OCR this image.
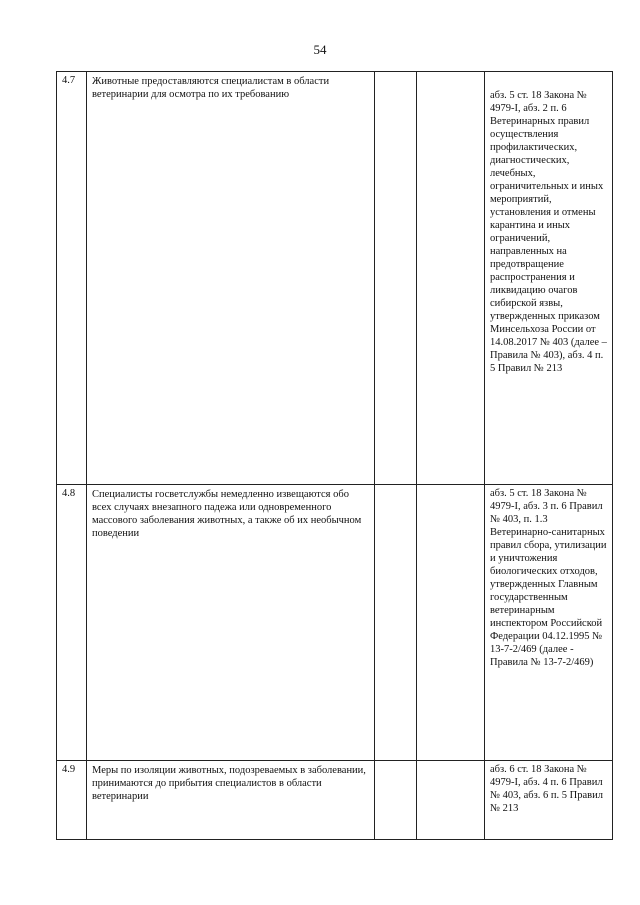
54
4.7	Животные предоставляются специалистам в области ветеринарии для осмотра по их требованию			абз. 5 ст. 18 Закона № 4979-I, абз. 2 п. 6 Ветеринарных правил осуществления профилактических, диагностических, лечебных, ограничительных и иных мероприятий, установления и отмены карантина и иных ограничений, направленных на предотвращение распространения и ликвидацию очагов сибирской язвы, утвержденных приказом Минсельхоза России от 14.08.2017 № 403 (далее – Правила № 403), абз. 4 п. 5 Правил № 213

4.8	Специалисты госветслужбы немедленно извещаются обо всех случаях внезапного падежа или одновременного массового заболевания животных, а также об их необычном поведении			абз. 5 ст. 18 Закона № 4979-I, абз. 3 п. 6 Правил № 403, п. 1.3 Ветеринарно-санитарных правил сбора, утилизации и уничтожения биологических отходов, утвержденных Главным государственным ветеринарным инспектором Российской Федерации 04.12.1995 № 13-7-2/469 (далее - Правила № 13-7-2/469)

4.9	Меры по изоляции животных, подозреваемых в заболевании, принимаются до прибытия специалистов в области ветеринарии			абз. 6 ст. 18 Закона № 4979-I, абз. 4 п. 6 Правил № 403, абз. 6 п. 5 Правил № 213
